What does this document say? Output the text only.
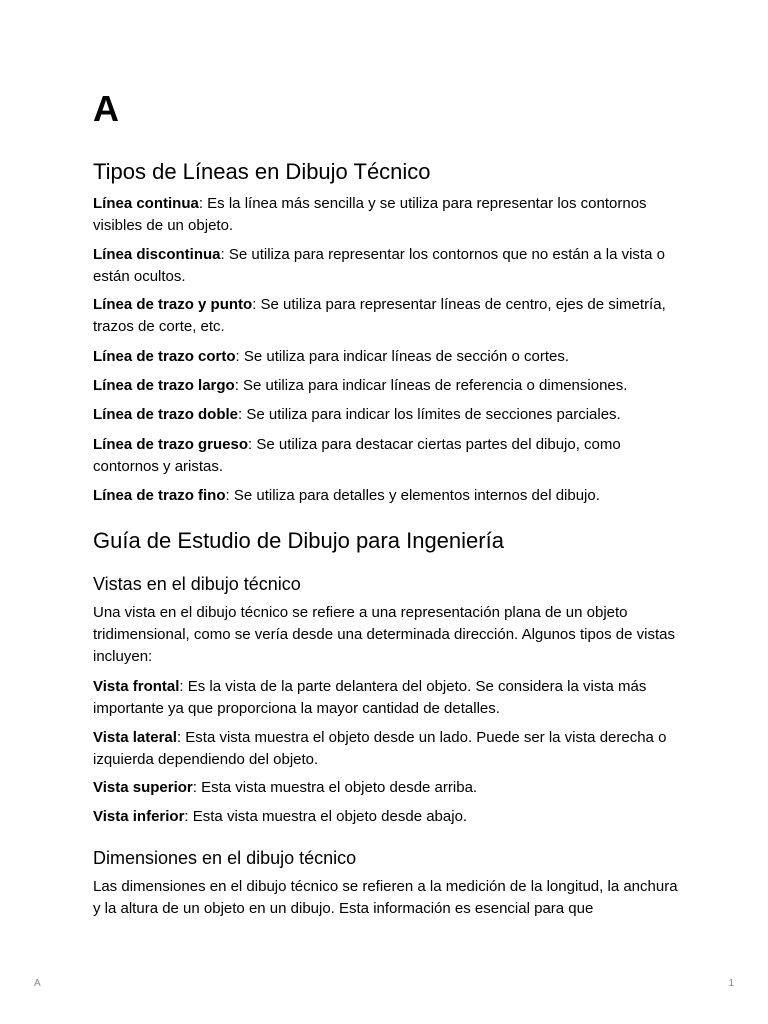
A
Tipos de Líneas en Dibujo Técnico

Línea continua: Es la línea más sencilla y se utiliza para representar los contornos visibles de un objeto.

Línea discontinua: Se utiliza para representar los contornos que no están a la vista o están ocultos.

Línea de trazo y punto: Se utiliza para representar líneas de centro, ejes de simetría, trazos de corte, etc.

Línea de trazo corto: Se utiliza para indicar líneas de sección o cortes.

Línea de trazo largo: Se utiliza para indicar líneas de referencia o dimensiones.

Línea de trazo doble: Se utiliza para indicar los límites de secciones parciales.

Línea de trazo grueso: Se utiliza para destacar ciertas partes del dibujo, como contornos y aristas.

Línea de trazo fino: Se utiliza para detalles y elementos internos del dibujo.

Guía de Estudio de Dibujo para Ingeniería
Vistas en el dibujo técnico

Una vista en el dibujo técnico se refiere a una representación plana de un objeto tridimensional, como se vería desde una determinada dirección. Algunos tipos de vistas incluyen:

Vista frontal: Es la vista de la parte delantera del objeto. Se considera la vista más importante ya que proporciona la mayor cantidad de detalles.

Vista lateral: Esta vista muestra el objeto desde un lado. Puede ser la vista derecha o izquierda dependiendo del objeto.

Vista superior: Esta vista muestra el objeto desde arriba.

Vista inferior: Esta vista muestra el objeto desde abajo.

Dimensiones en el dibujo técnico

Las dimensiones en el dibujo técnico se refieren a la medición de la longitud, la anchura y la altura de un objeto en un dibujo. Esta información es esencial para que

A	1
